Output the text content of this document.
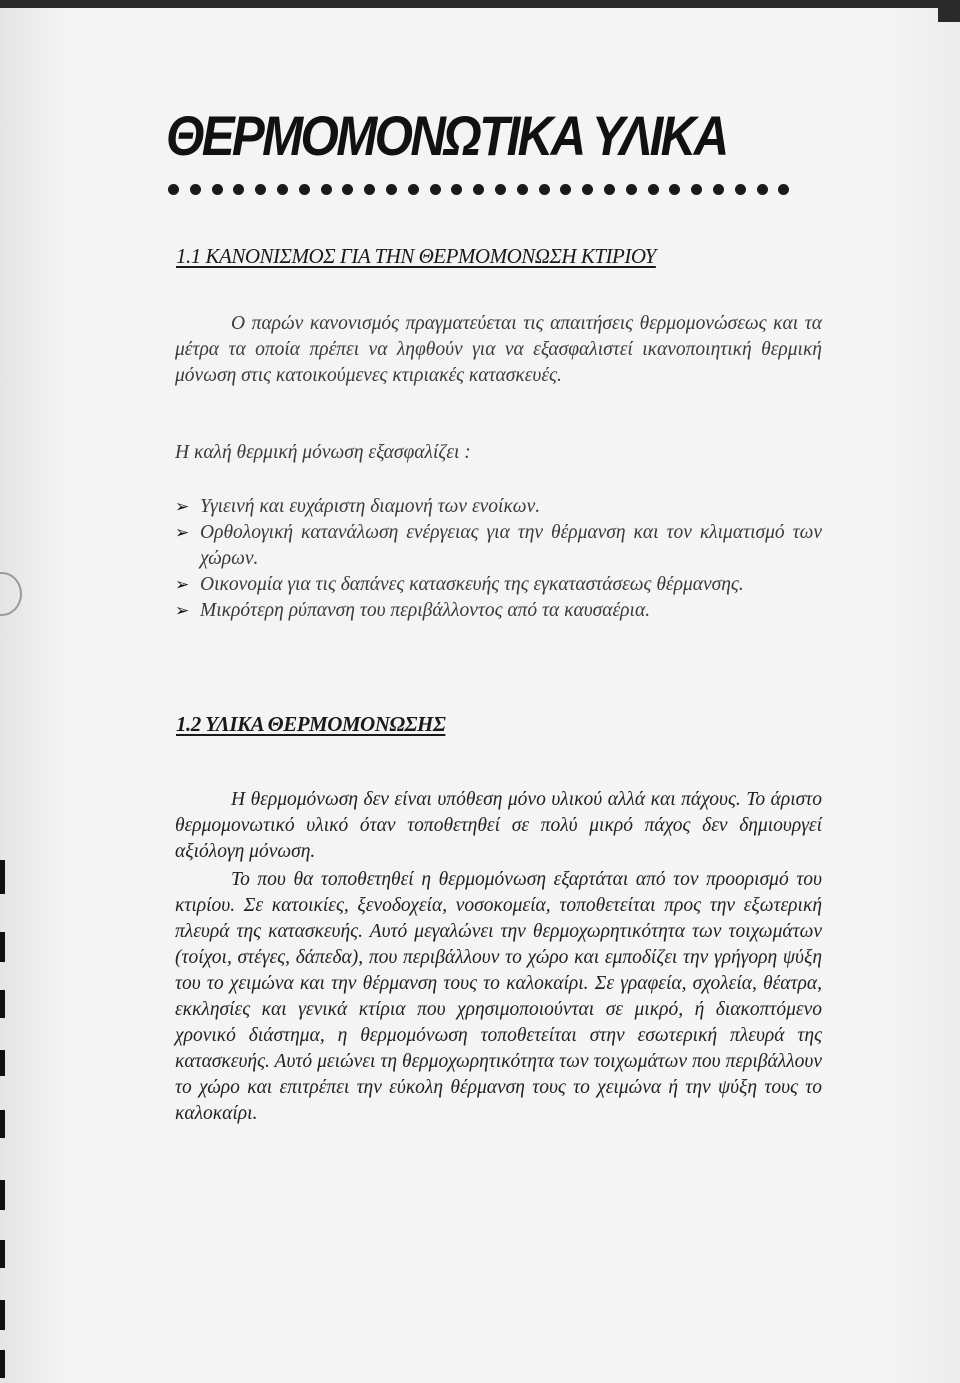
ΘΕΡΜΟΜΟΝΩΤΙΚΑ ΥΛΙΚΑ
1.1 ΚΑΝΟΝΙΣΜΟΣ ΓΙΑ ΤΗΝ ΘΕΡΜΟΜΟΝΩΣΗ ΚΤΙΡΙΟΥ

Ο παρών κανονισμός πραγματεύεται τις απαιτήσεις θερμομονώσεως και τα μέτρα τα οποία πρέπει να ληφθούν για να εξασφαλιστεί ικανοποιητική θερμική μόνωση στις κατοικούμενες κτιριακές κατασκευές.

Η καλή θερμική μόνωση εξασφαλίζει :

➢ Υγιεινή και ευχάριστη διαμονή των ενοίκων.
➢ Ορθολογική κατανάλωση ενέργειας για την θέρμανση και τον κλιματισμό των χώρων.
➢ Οικονομία για τις δαπάνες κατασκευής της εγκαταστάσεως θέρμανσης.
➢ Μικρότερη ρύπανση του περιβάλλοντος από τα καυσαέρια.
1.2 ΥΛΙΚΑ ΘΕΡΜΟΜΟΝΩΣΗΣ

Η θερμομόνωση δεν είναι υπόθεση μόνο υλικού αλλά και πάχους. Το άριστο θερμομονωτικό υλικό όταν τοποθετηθεί σε πολύ μικρό πάχος δεν δημιουργεί αξιόλογη μόνωση.

Το που θα τοποθετηθεί η θερμομόνωση εξαρτάται από τον προορισμό του κτιρίου. Σε κατοικίες, ξενοδοχεία, νοσοκομεία, τοποθετείται προς την εξωτερική πλευρά της κατασκευής. Αυτό μεγαλώνει την θερμοχωρητικότητα των τοιχωμάτων (τοίχοι, στέγες, δάπεδα), που περιβάλλουν το χώρο και εμποδίζει την γρήγορη ψύξη του το χειμώνα και την θέρμανση τους το καλοκαίρι. Σε γραφεία, σχολεία, θέατρα, εκκλησίες και γενικά κτίρια που χρησιμοποιούνται σε μικρό, ή διακοπτόμενο χρονικό διάστημα, η θερμομόνωση τοποθετείται στην εσωτερική πλευρά της κατασκευής. Αυτό μειώνει τη θερμοχωρητικότητα των τοιχωμάτων που περιβάλλουν το χώρο και επιτρέπει την εύκολη θέρμανση τους το χειμώνα ή την ψύξη τους το καλοκαίρι.
